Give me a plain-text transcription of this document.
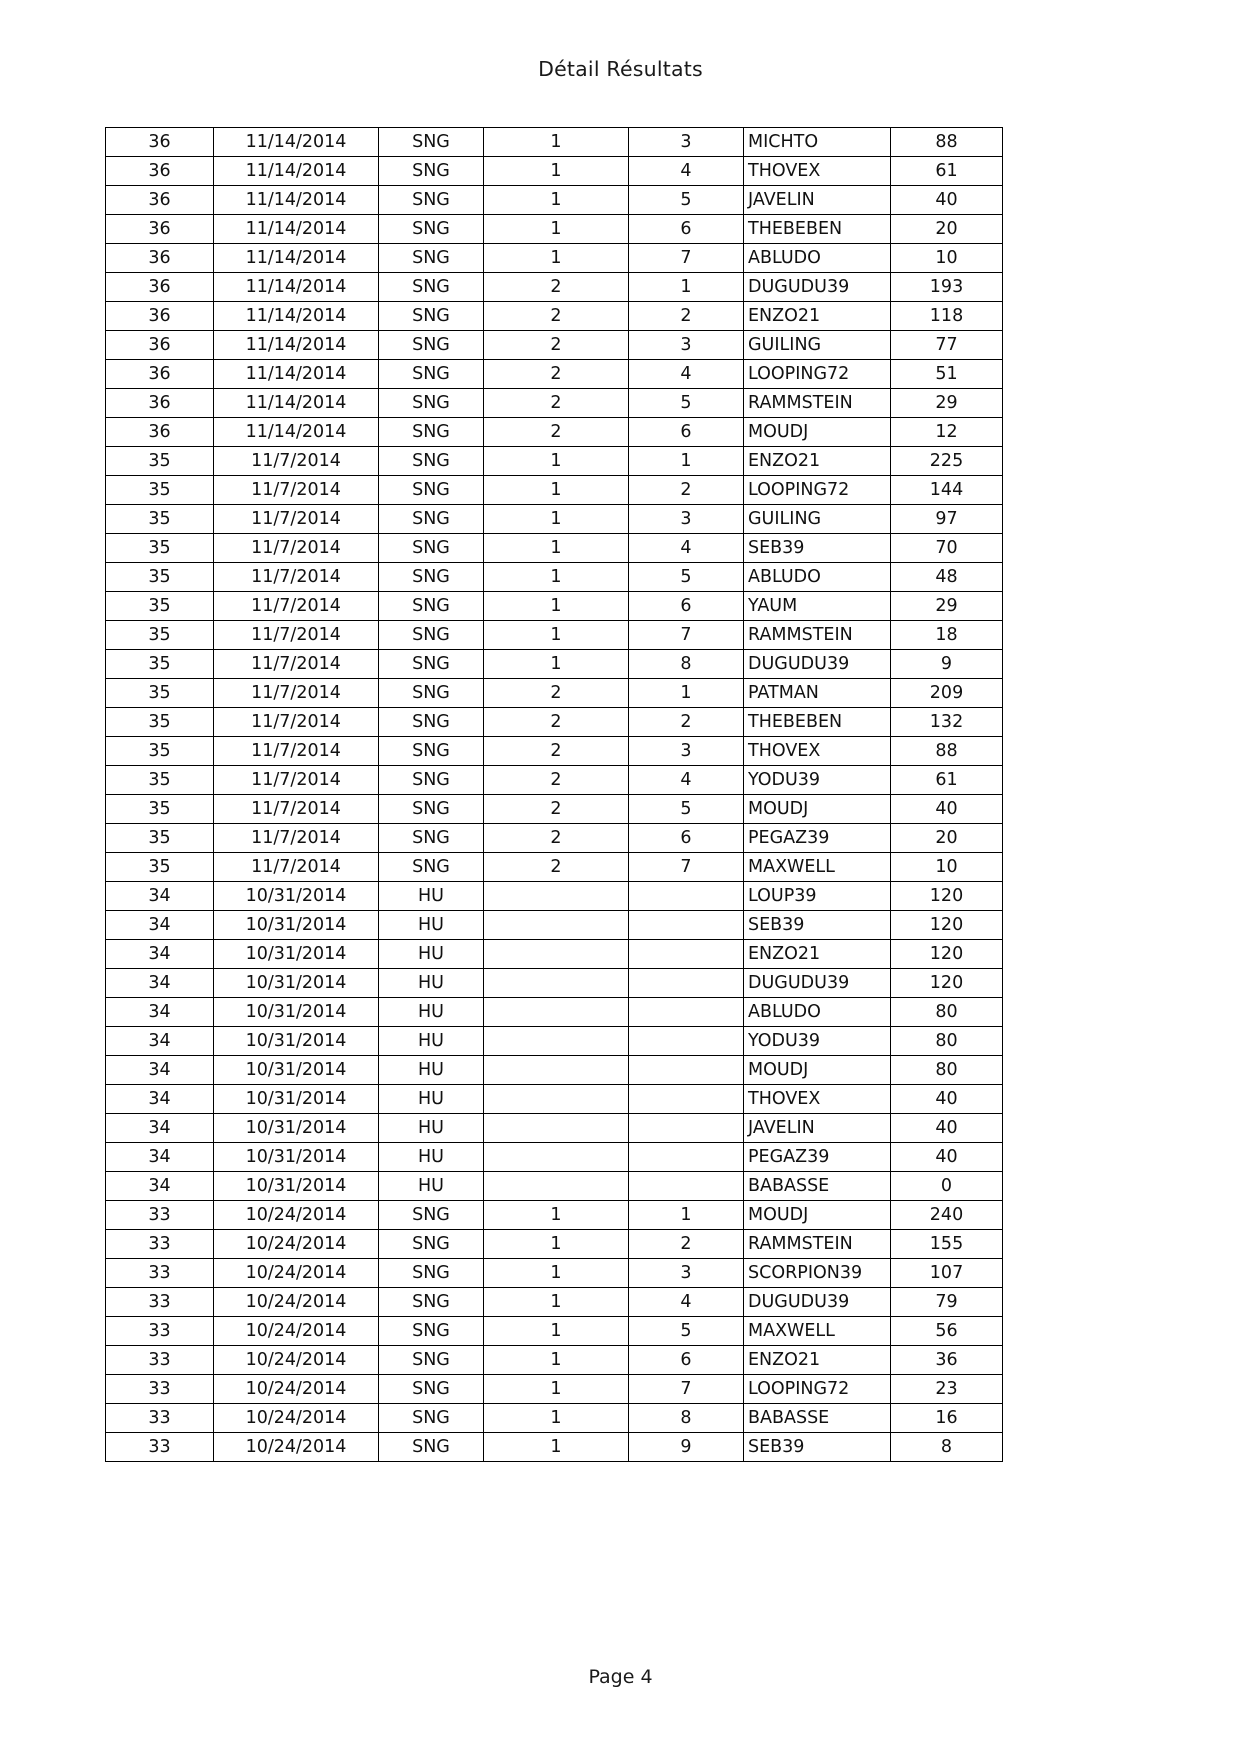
Détail Résultats
36	11/14/2014	SNG	1	3	MICHTO	88
36	11/14/2014	SNG	1	4	THOVEX	61
36	11/14/2014	SNG	1	5	JAVELIN	40
36	11/14/2014	SNG	1	6	THEBEBEN	20
36	11/14/2014	SNG	1	7	ABLUDO	10
36	11/14/2014	SNG	2	1	DUGUDU39	193
36	11/14/2014	SNG	2	2	ENZO21	118
36	11/14/2014	SNG	2	3	GUILING	77
36	11/14/2014	SNG	2	4	LOOPING72	51
36	11/14/2014	SNG	2	5	RAMMSTEIN	29
36	11/14/2014	SNG	2	6	MOUDJ	12
35	11/7/2014	SNG	1	1	ENZO21	225
35	11/7/2014	SNG	1	2	LOOPING72	144
35	11/7/2014	SNG	1	3	GUILING	97
35	11/7/2014	SNG	1	4	SEB39	70
35	11/7/2014	SNG	1	5	ABLUDO	48
35	11/7/2014	SNG	1	6	YAUM	29
35	11/7/2014	SNG	1	7	RAMMSTEIN	18
35	11/7/2014	SNG	1	8	DUGUDU39	9
35	11/7/2014	SNG	2	1	PATMAN	209
35	11/7/2014	SNG	2	2	THEBEBEN	132
35	11/7/2014	SNG	2	3	THOVEX	88
35	11/7/2014	SNG	2	4	YODU39	61
35	11/7/2014	SNG	2	5	MOUDJ	40
35	11/7/2014	SNG	2	6	PEGAZ39	20
35	11/7/2014	SNG	2	7	MAXWELL	10
34	10/31/2014	HU			LOUP39	120
34	10/31/2014	HU			SEB39	120
34	10/31/2014	HU			ENZO21	120
34	10/31/2014	HU			DUGUDU39	120
34	10/31/2014	HU			ABLUDO	80
34	10/31/2014	HU			YODU39	80
34	10/31/2014	HU			MOUDJ	80
34	10/31/2014	HU			THOVEX	40
34	10/31/2014	HU			JAVELIN	40
34	10/31/2014	HU			PEGAZ39	40
34	10/31/2014	HU			BABASSE	0
33	10/24/2014	SNG	1	1	MOUDJ	240
33	10/24/2014	SNG	1	2	RAMMSTEIN	155
33	10/24/2014	SNG	1	3	SCORPION39	107
33	10/24/2014	SNG	1	4	DUGUDU39	79
33	10/24/2014	SNG	1	5	MAXWELL	56
33	10/24/2014	SNG	1	6	ENZO21	36
33	10/24/2014	SNG	1	7	LOOPING72	23
33	10/24/2014	SNG	1	8	BABASSE	16
33	10/24/2014	SNG	1	9	SEB39	8
Page 4
